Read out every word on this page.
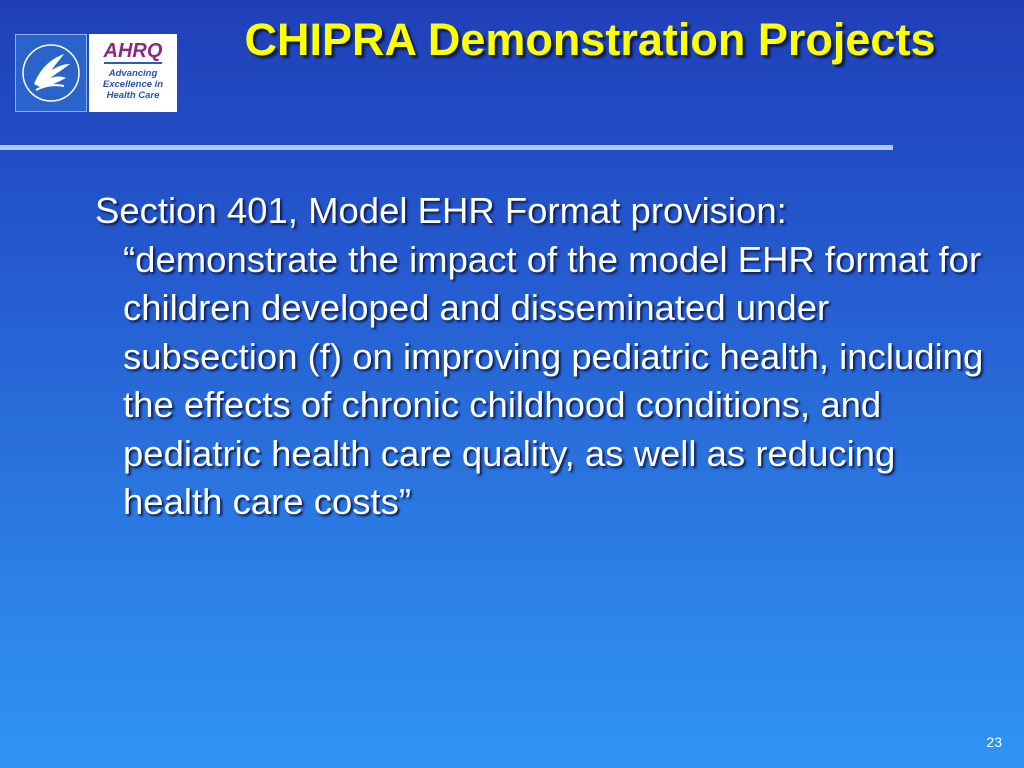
AHRQ
Advancing Excellence in Health Care
CHIPRA Demonstration Projects

Section 401, Model EHR Format provision: “demonstrate the impact of the model EHR format for children developed and disseminated under subsection (f) on improving pediatric health, including the effects of chronic childhood conditions, and pediatric health care quality, as well as reducing health care costs”

23
